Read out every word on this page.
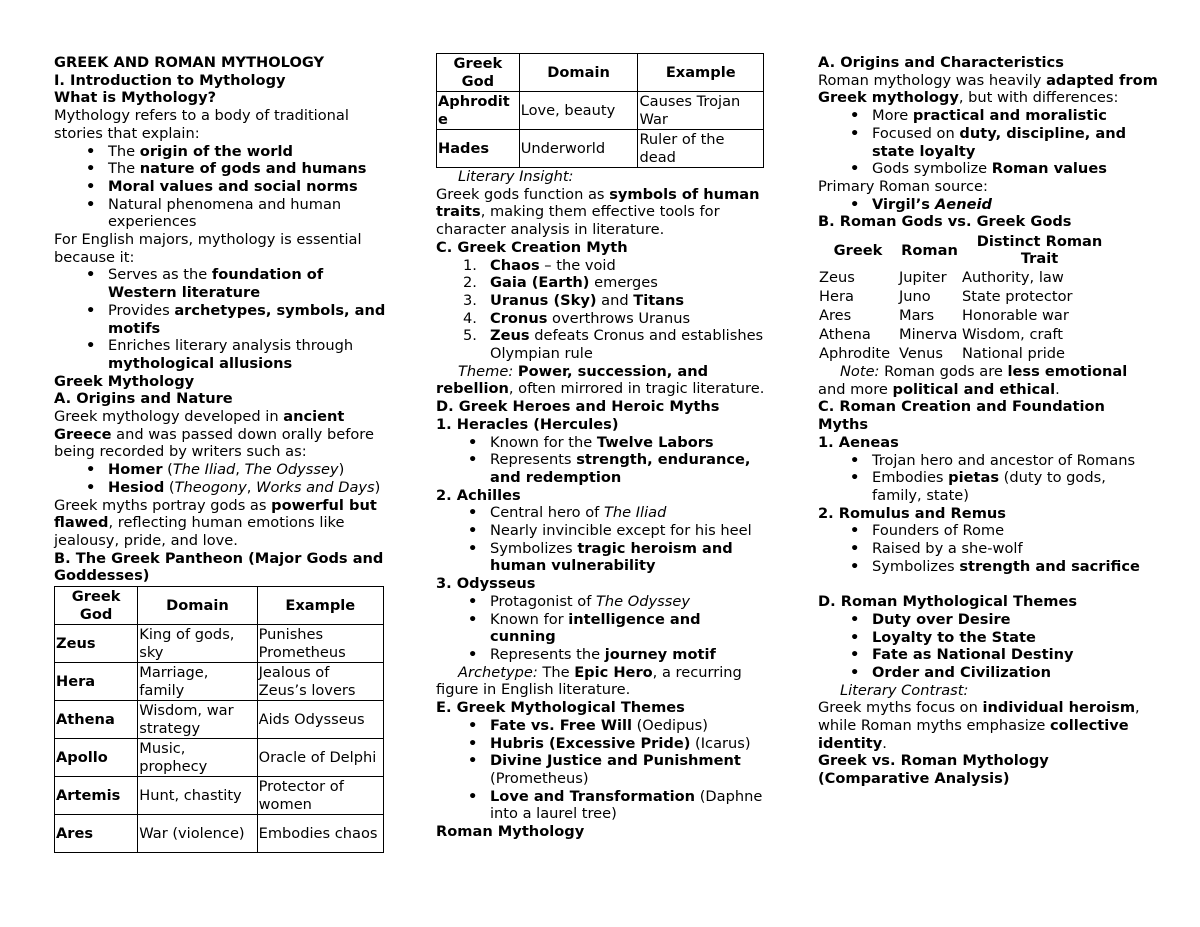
GREEK AND ROMAN MYTHOLOGY

I. Introduction to Mythology

What is Mythology?

Mythology refers to a body of traditional stories that explain:

• The origin of the world
• The nature of gods and humans
• Moral values and social norms
• Natural phenomena and human experiences

For English majors, mythology is essential because it:

• Serves as the foundation of Western literature
• Provides archetypes, symbols, and motifs
• Enriches literary analysis through mythological allusions

Greek Mythology

A. Origins and Nature

Greek mythology developed in ancient Greece and was passed down orally before being recorded by writers such as:

• Homer (The Iliad, The Odyssey)
• Hesiod (Theogony, Works and Days)

Greek myths portray gods as powerful but flawed, reflecting human emotions like jealousy, pride, and love.

B. The Greek Pantheon (Major Gods and Goddesses)

Greek God	Domain	Example
Zeus	King of gods, sky	Punishes Prometheus
Hera	Marriage, family	Jealous of Zeus’s lovers
Athena	Wisdom, war strategy	Aids Odysseus
Apollo	Music, prophecy	Oracle of Delphi
Artemis	Hunt, chastity	Protector of women
Ares	War (violence)	Embodies chaos
Greek God	Domain	Example
Aphrodite	Love, beauty	Causes Trojan War
Hades	Underworld	Ruler of the dead

Literary Insight:

Greek gods function as symbols of human traits, making them effective tools for character analysis in literature.

C. Greek Creation Myth

1. Chaos – the void
2. Gaia (Earth) emerges
3. Uranus (Sky) and Titans
4. Cronus overthrows Uranus
5. Zeus defeats Cronus and establishes Olympian rule

Theme: Power, succession, and rebellion, often mirrored in tragic literature.

D. Greek Heroes and Heroic Myths

1. Heracles (Hercules)

• Known for the Twelve Labors
• Represents strength, endurance, and redemption

2. Achilles

• Central hero of The Iliad
• Nearly invincible except for his heel
• Symbolizes tragic heroism and human vulnerability

3. Odysseus

• Protagonist of The Odyssey
• Known for intelligence and cunning
• Represents the journey motif

Archetype: The Epic Hero, a recurring figure in English literature.

E. Greek Mythological Themes

• Fate vs. Free Will (Oedipus)
• Hubris (Excessive Pride) (Icarus)
• Divine Justice and Punishment (Prometheus)
• Love and Transformation (Daphne into a laurel tree)

Roman Mythology

A. Origins and Characteristics

Roman mythology was heavily adapted from Greek mythology, but with differences:

• More practical and moralistic
• Focused on duty, discipline, and state loyalty
• Gods symbolize Roman values

Primary Roman source:

• Virgil’s Aeneid

B. Roman Gods vs. Greek Gods

Greek	Roman	Distinct Roman Trait
Zeus	Jupiter	Authority, law
Hera	Juno	State protector
Ares	Mars	Honorable war
Athena	Minerva	Wisdom, craft
Aphrodite	Venus	National pride

Note: Roman gods are less emotional and more political and ethical.

C. Roman Creation and Foundation Myths

1. Aeneas

• Trojan hero and ancestor of Romans
• Embodies pietas (duty to gods, family, state)

2. Romulus and Remus

• Founders of Rome
• Raised by a she-wolf
• Symbolizes strength and sacrifice

D. Roman Mythological Themes

• Duty over Desire
• Loyalty to the State
• Fate as National Destiny
• Order and Civilization

Literary Contrast:

Greek myths focus on individual heroism, while Roman myths emphasize collective identity.

Greek vs. Roman Mythology (Comparative Analysis)
